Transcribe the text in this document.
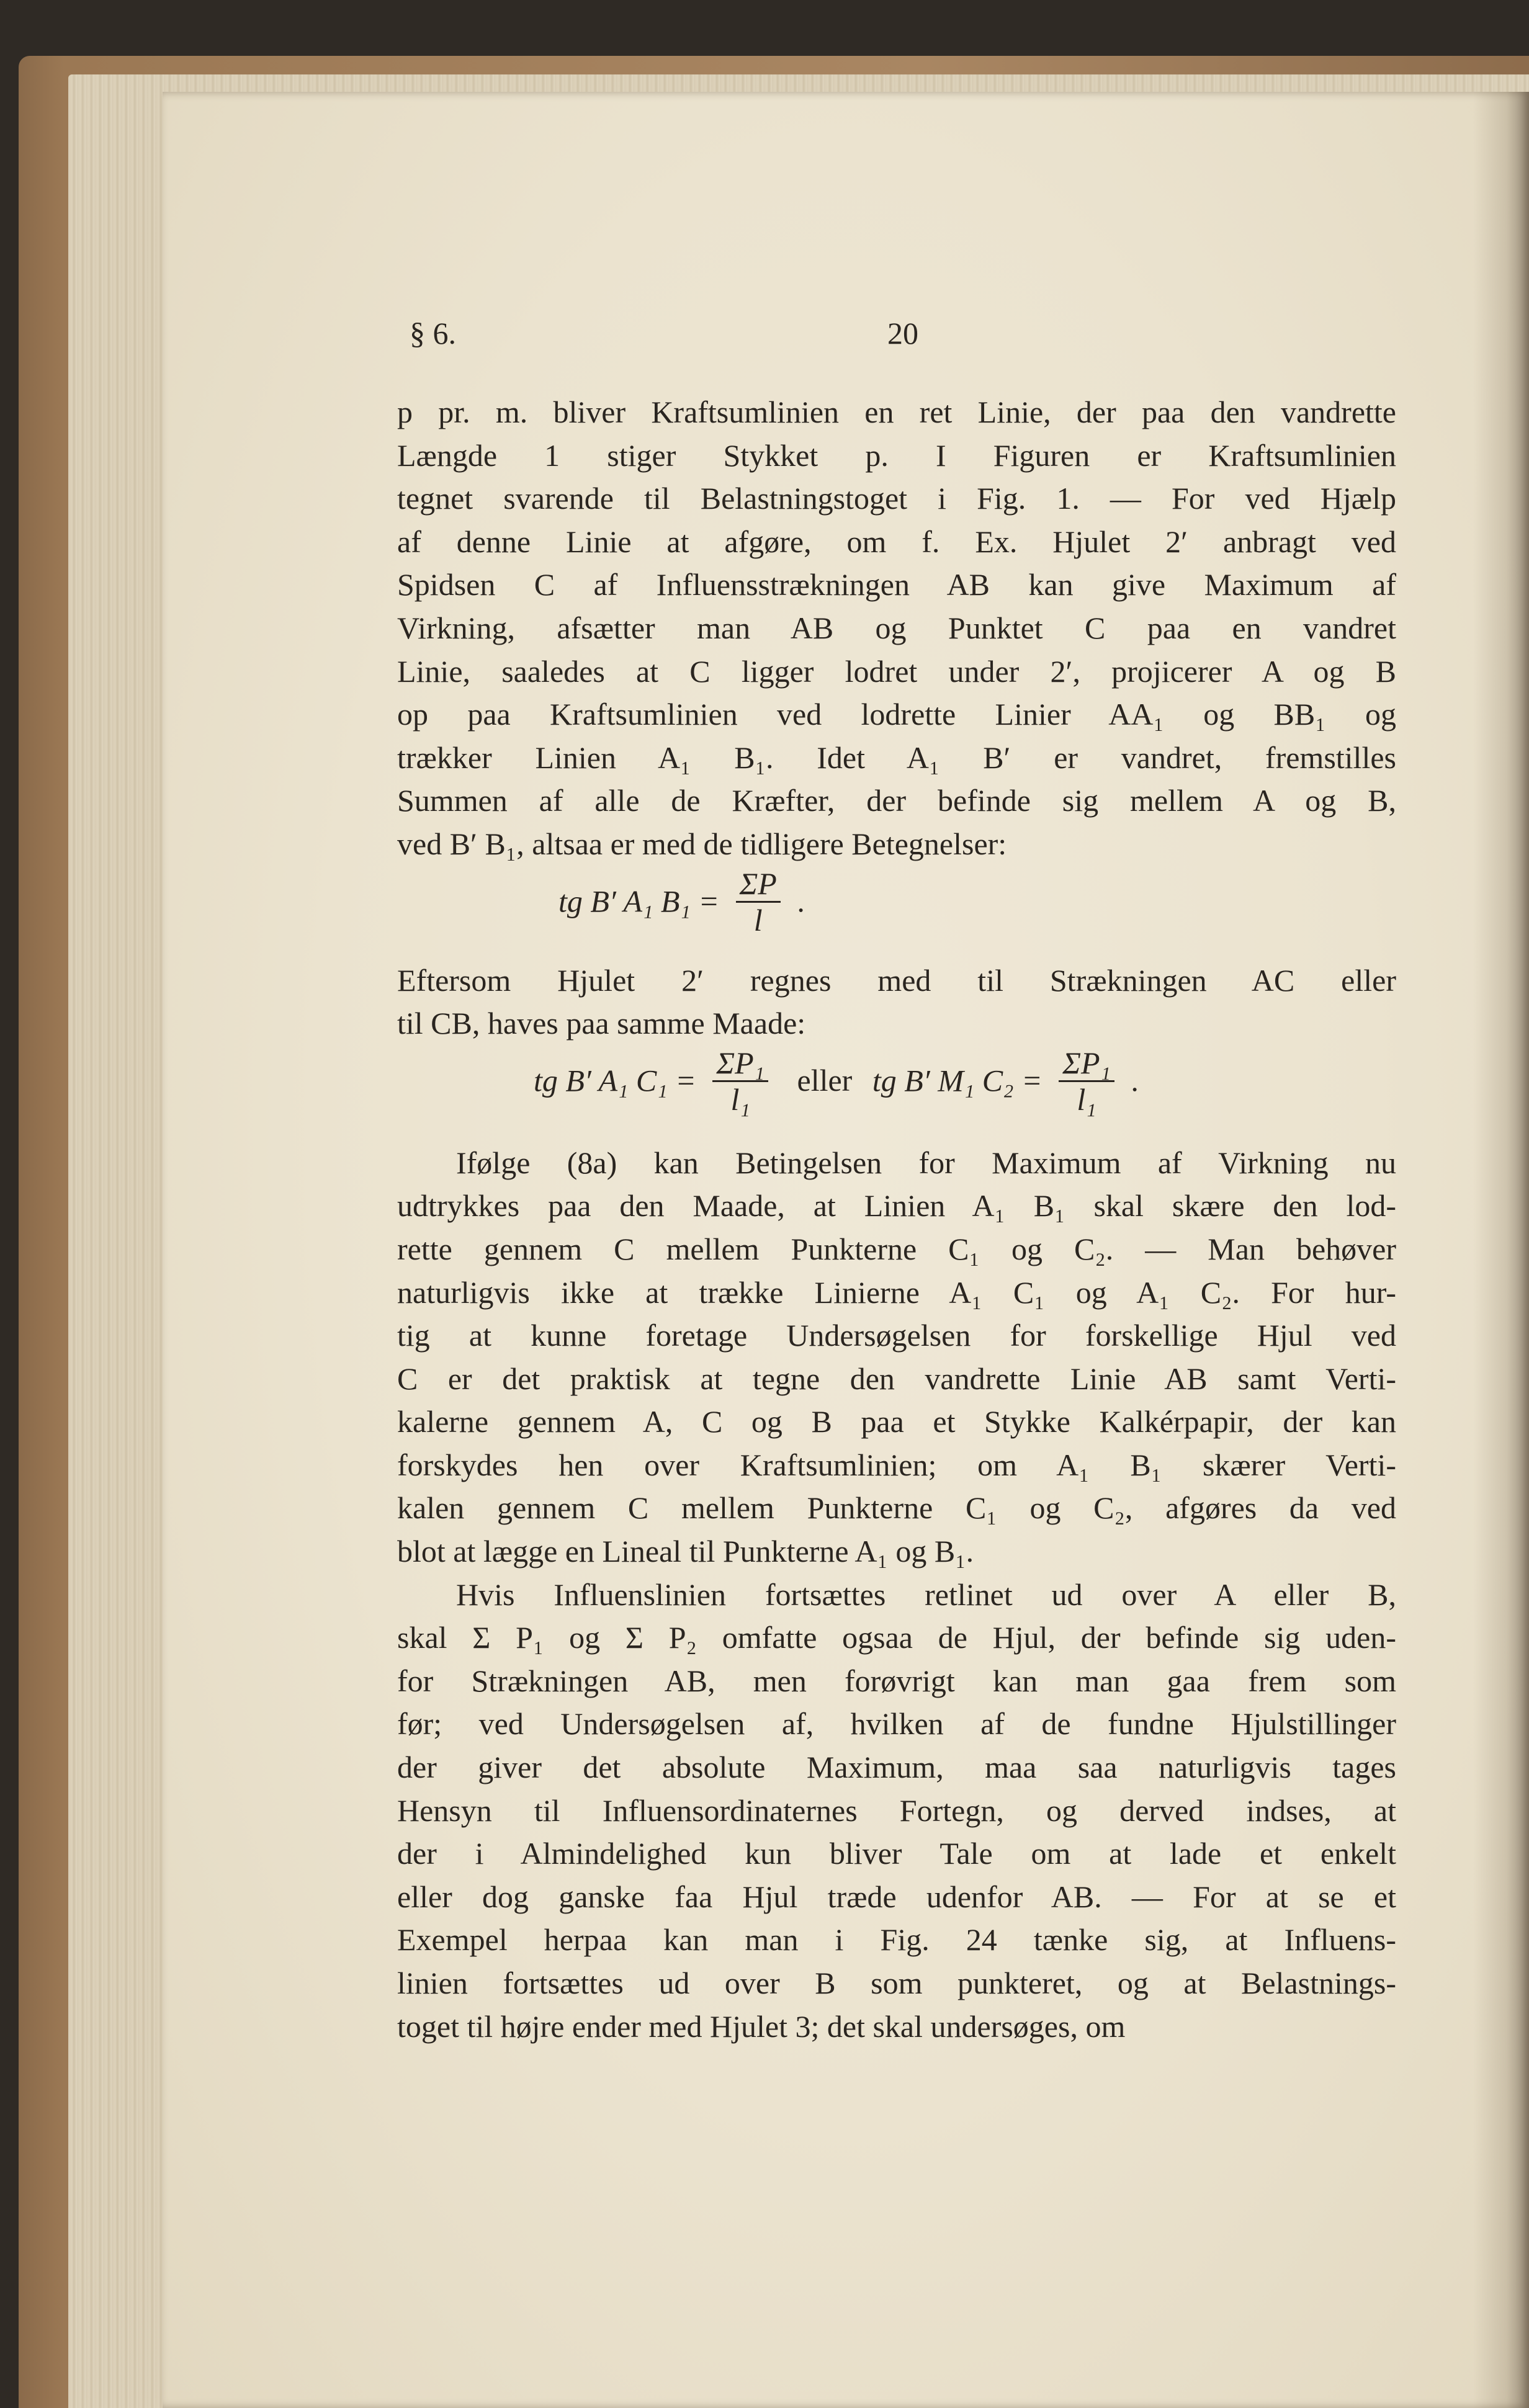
§ 6.	20
p pr. m. bliver Kraftsumlinien en ret Linie, der paa den vandrette
Længde 1 stiger Stykket p. I Figuren er Kraftsumlinien
tegnet svarende til Belastningstoget i Fig. 1. — For ved Hjælp
af denne Linie at afgøre, om f. Ex. Hjulet 2′ anbragt ved
Spidsen C af Influensstrækningen AB kan give Maximum af
Virkning, afsætter man AB og Punktet C paa en vandret
Linie, saaledes at C ligger lodret under 2′, projicerer A og B
op paa Kraftsumlinien ved lodrette Linier AA₁ og BB₁ og
trækker Linien A₁ B₁. Idet A₁ B′ er vandret, fremstilles
Summen af alle de Kræfter, der befinde sig mellem A og B,
ved B′ B₁, altsaa er med de tidligere Betegnelser:
tg B′ A₁ $B_1 = \frac{\Sigma P}{l}$ .
Eftersom Hjulet 2′ regnes med til Strækningen AC eller
til CB, haves paa samme Maade:
tg B′ A₁ $C_1 = \frac{\text{ΣP₁}}{\text{l₁}}$ eller tg B′ M₁ $C_2 = \frac{\text{ΣP₁}}{\text{l₁}}$ .
Ifølge (8a) kan Betingelsen for Maximum af Virkning nu
udtrykkes paa den Maade, at Linien A₁ B₁ skal skære den lod-
rette gennem C mellem Punkterne C₁ og C₂. — Man behøver
naturligvis ikke at trække Linierne A₁ C₁ og A₁ C₂. For hur-
tig at kunne foretage Undersøgelsen for forskellige Hjul ved
C er det praktisk at tegne den vandrette Linie AB samt Verti-
kalerne gennem A, C og B paa et Stykke Kalkérpapir, der kan
forskydes hen over Kraftsumlinien; om A₁ B₁ skærer Verti-
kalen gennem C mellem Punkterne C₁ og C₂, afgøres da ved
blot at lægge en Lineal til Punkterne A₁ og B₁.
Hvis Influenslinien fortsættes retlinet ud over A eller B,
skal Σ P₁ og Σ P₂ omfatte ogsaa de Hjul, der befinde sig uden-
for Strækningen AB, men forøvrigt kan man gaa frem som
før; ved Undersøgelsen af, hvilken af de fundne Hjulstillinger
der giver det absolute Maximum, maa saa naturligvis tages
Hensyn til Influensordinaternes Fortegn, og derved indses, at
der i Almindelighed kun bliver Tale om at lade et enkelt
eller dog ganske faa Hjul træde udenfor AB. — For at se et
Exempel herpaa kan man i Fig. 24 tænke sig, at Influens-
linien fortsættes ud over B som punkteret, og at Belastnings-
toget til højre ender med Hjulet 3; det skal undersøges, om
